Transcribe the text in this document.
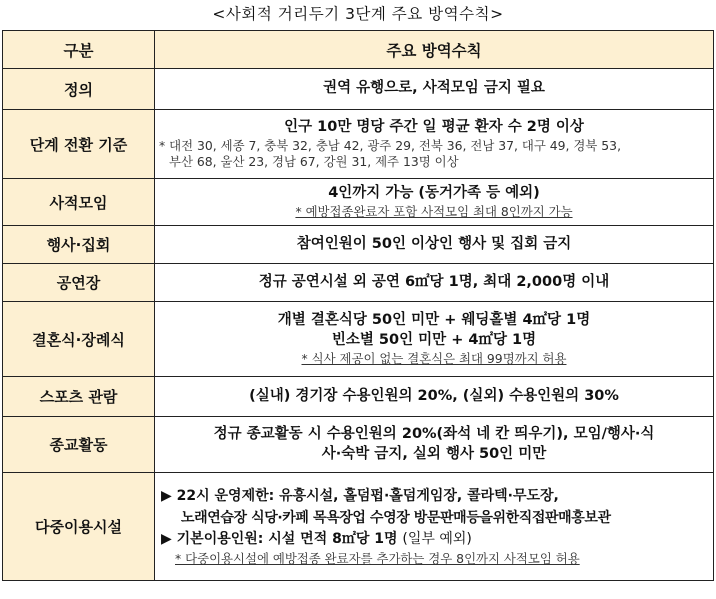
<사회적 거리두기 3단계 주요 방역수칙>
구분	주요 방역수칙
정의	권역 유행으로, 사적모임 금지 필요
단계 전환 기준	인구 10만 명당 주간 일 평균 환자 수 2명 이상
* 대전 30, 세종 7, 충북 32, 충남 42, 광주 29, 전북 36, 전남 37, 대구 49, 경북 53,
부산 68, 울산 23, 경남 67, 강원 31, 제주 13명 이상

사적모임	4인까지 가능 (동거가족 등 예외)
* 예방접종완료자 포함 사적모임 최대 8인까지 가능

행사·집회	참여인원이 50인 이상인 행사 및 집회 금지
공연장	정규 공연시설 외 공연 6㎡당 1명, 최대 2,000명 이내
결혼식·장례식	개별 결혼식당 50인 미만 + 웨딩홀별 4㎡당 1명
빈소별 50인 미만 + 4㎡당 1명
* 식사 제공이 없는 결혼식은 최대 99명까지 허용

스포츠 관람	(실내) 경기장 수용인원의 20%, (실외) 수용인원의 30%
종교활동	정규 종교활동 시 수용인원의 20%(좌석 네 칸 띄우기), 모임/행사·식
사·숙박 금지, 실외 행사 50인 미만

다중이용시설	▶ 22시 운영제한: 유흥시설, 홀덤펍·홀덤게임장, 콜라텍·무도장,
노래연습장 식당·카페 목욕장업 수영장 방문판매등을위한직접판매홍보관
▶ 기본이용인원: 시설 면적 8㎡당 1명 (일부 예외)
* 다중이용시설에 예방접종 완료자를 추가하는 경우 8인까지 사적모임 허용
